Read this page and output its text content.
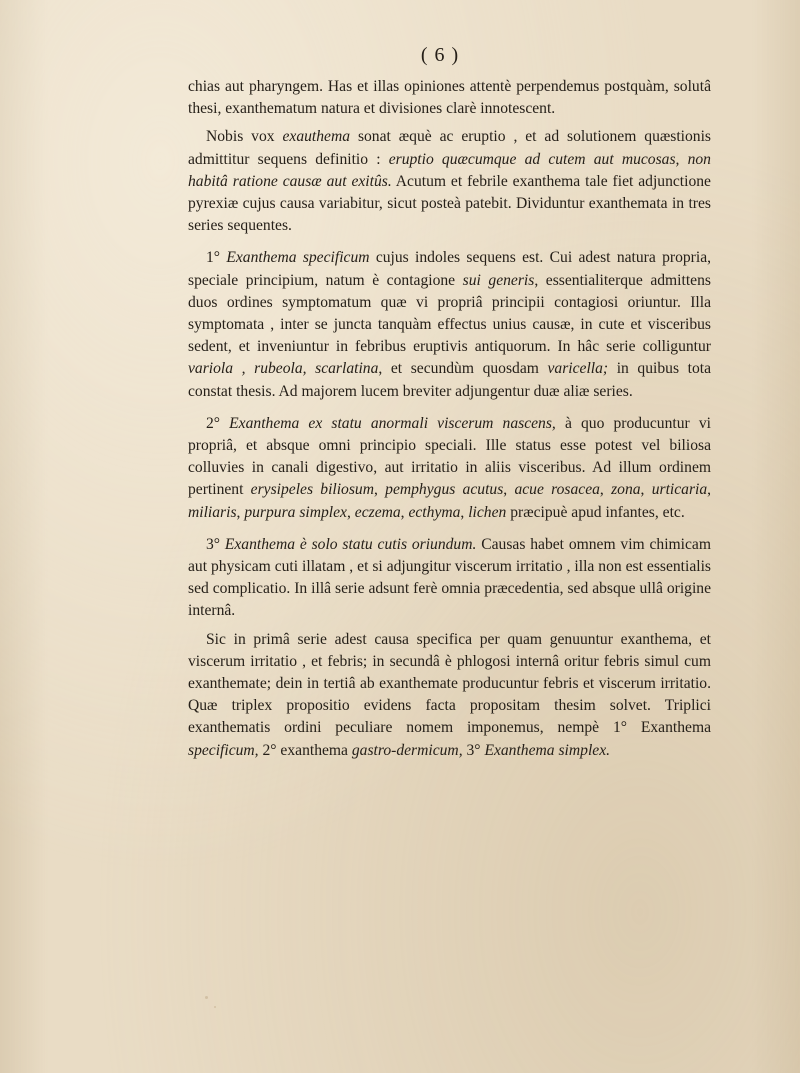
( 6 )

chias aut pharyngem. Has et illas opiniones attentè perpendemus postquàm, solutâ thesi, exanthematum natura et divisiones clarè innotescent.

Nobis vox exauthema sonat æquè ac eruptio , et ad solutionem quæstionis admittitur sequens definitio : eruptio quæcumque ad cutem aut mucosas, non habitâ ratione causæ aut exitûs. Acutum et febrile exanthema tale fiet adjunctione pyrexiæ cujus causa variabitur, sicut posteà patebit. Dividuntur exanthemata in tres series sequentes.

1° Exanthema specificum cujus indoles sequens est. Cui adest natura propria, speciale principium, natum è contagione sui generis, essentialiterque admittens duos ordines symptomatum quæ vi propriâ principii contagiosi oriuntur. Illa symptomata , inter se juncta tanquàm effectus unius causæ, in cute et visceribus sedent, et inveniuntur in febribus eruptivis antiquorum. In hâc serie colliguntur variola , rubeola, scarlatina, et secundùm quosdam varicella; in quibus tota constat thesis. Ad majorem lucem breviter adjungentur duæ aliæ series.

2° Exanthema ex statu anormali viscerum nascens, à quo producuntur vi propriâ, et absque omni principio speciali. Ille status esse potest vel biliosa colluvies in canali digestivo, aut irritatio in aliis visceribus. Ad illum ordinem pertinent erysipeles biliosum, pemphygus acutus, acue rosacea, zona, urticaria, miliaris, purpura simplex, eczema, ecthyma, lichen præcipuè apud infantes, etc.

3° Exanthema è solo statu cutis oriundum. Causas habet omnem vim chimicam aut physicam cuti illatam , et si adjungitur viscerum irritatio , illa non est essentialis sed complicatio. In illâ serie adsunt ferè omnia præcedentia, sed absque ullâ origine internâ.

Sic in primâ serie adest causa specifica per quam genuuntur exanthema, et viscerum irritatio , et febris; in secundâ è phlogosi internâ oritur febris simul cum exanthemate; dein in tertiâ ab exanthemate producuntur febris et viscerum irritatio. Quæ triplex propositio evidens facta propositam thesim solvet. Triplici exanthematis ordini peculiare nomem imponemus, nempè 1° Exanthema specificum, 2° exanthema gastro-dermicum, 3° Exanthema simplex.
